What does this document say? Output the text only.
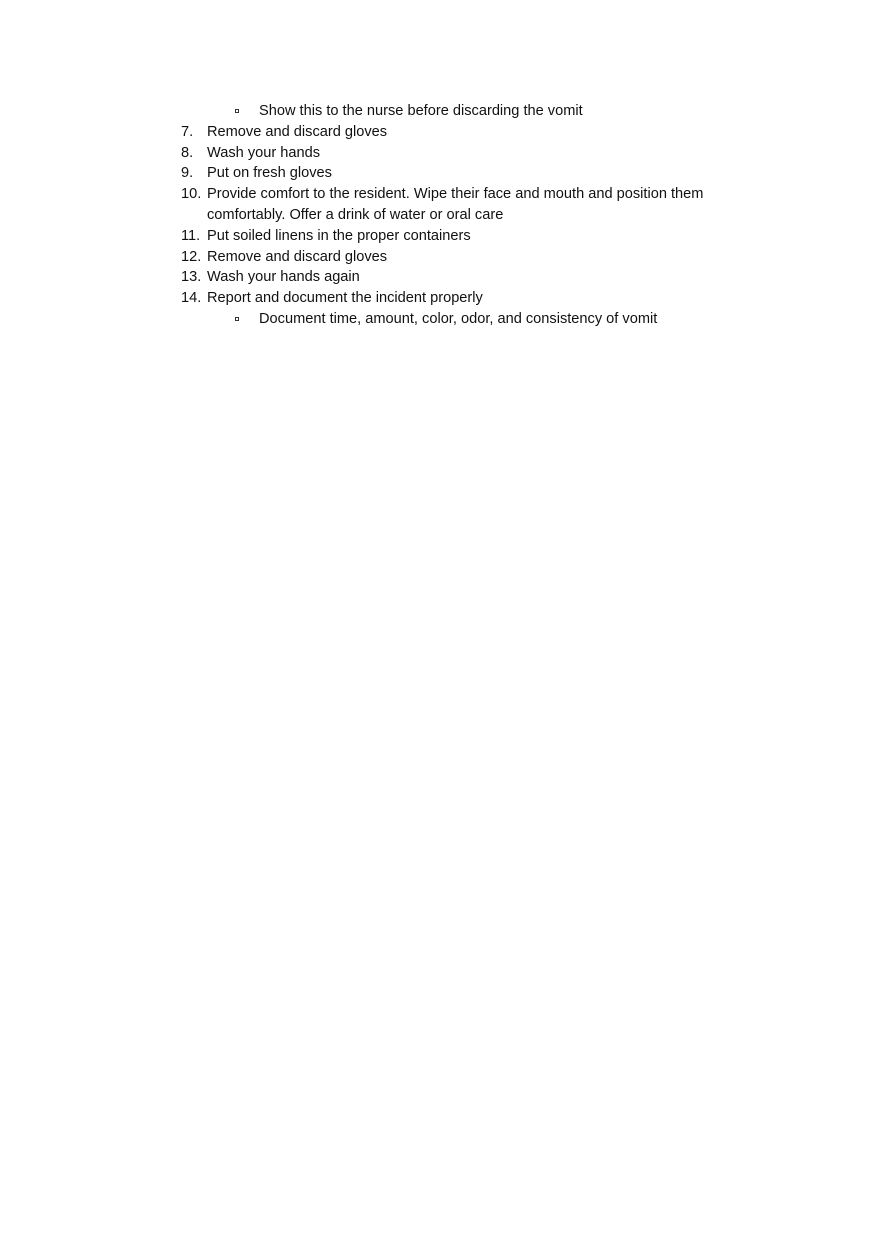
Show this to the nurse before discarding the vomit
7. Remove and discard gloves
8. Wash your hands
9. Put on fresh gloves
10. Provide comfort to the resident. Wipe their face and mouth and position them
comfortably. Offer a drink of water or oral care
11. Put soiled linens in the proper containers
12. Remove and discard gloves
13. Wash your hands again
14. Report and document the incident properly
Document time, amount, color, odor, and consistency of vomit
